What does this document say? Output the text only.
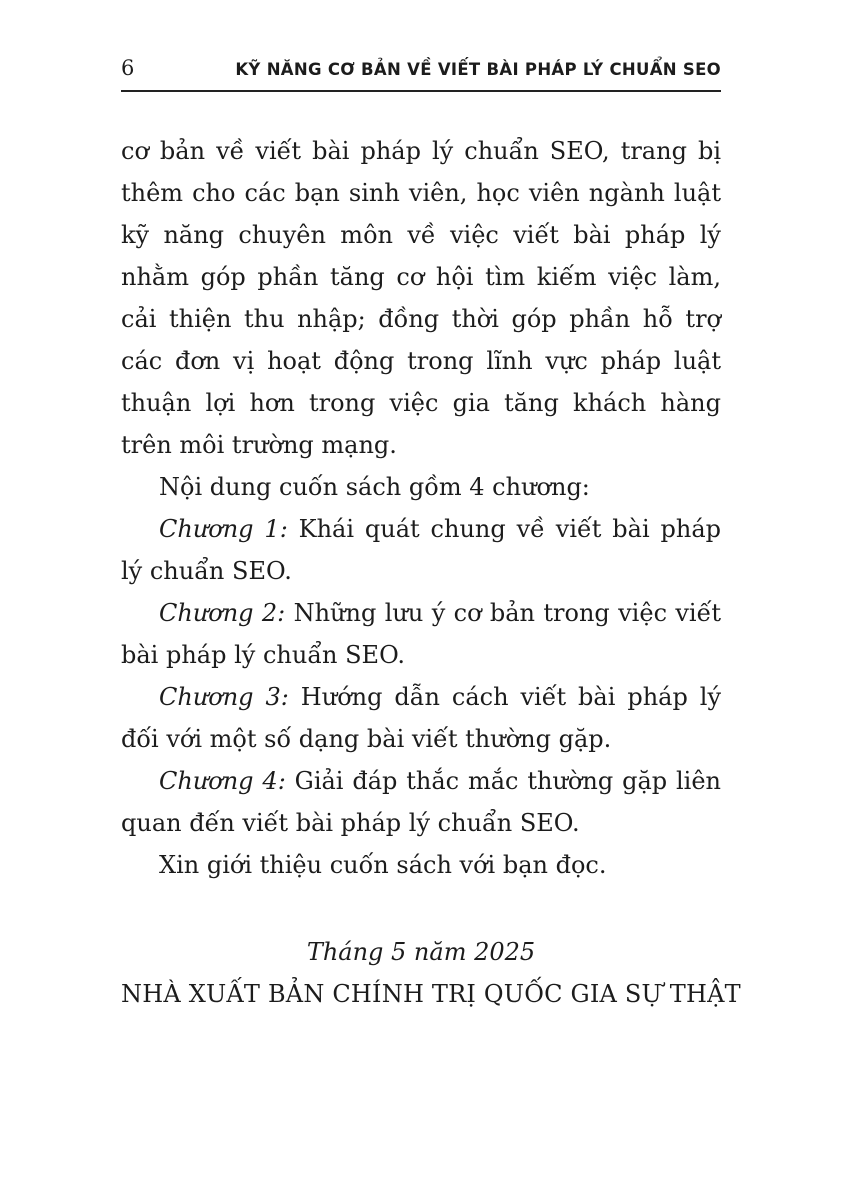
6	KỸ NĂNG CƠ BẢN VỀ VIẾT BÀI PHÁP LÝ CHUẨN SEO

cơ bản về viết bài pháp lý chuẩn SEO, trang bị thêm cho các bạn sinh viên, học viên ngành luật kỹ năng chuyên môn về việc viết bài pháp lý nhằm góp phần tăng cơ hội tìm kiếm việc làm, cải thiện thu nhập; đồng thời góp phần hỗ trợ các đơn vị hoạt động trong lĩnh vực pháp luật thuận lợi hơn trong việc gia tăng khách hàng trên môi trường mạng.

Nội dung cuốn sách gồm 4 chương:

Chương 1: Khái quát chung về viết bài pháp lý chuẩn SEO.

Chương 2: Những lưu ý cơ bản trong việc viết bài pháp lý chuẩn SEO.

Chương 3: Hướng dẫn cách viết bài pháp lý đối với một số dạng bài viết thường gặp.

Chương 4: Giải đáp thắc mắc thường gặp liên quan đến viết bài pháp lý chuẩn SEO.

Xin giới thiệu cuốn sách với bạn đọc.

Tháng 5 năm 2025
NHÀ XUẤT BẢN CHÍNH TRỊ QUỐC GIA SỰ THẬT
